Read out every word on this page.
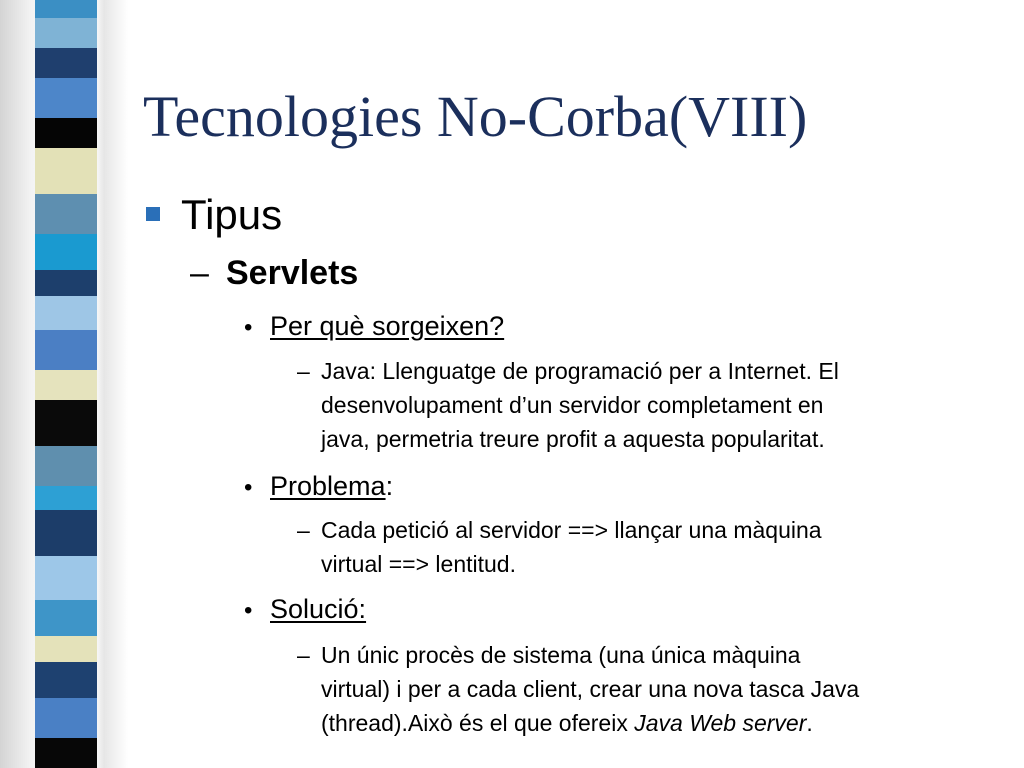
Tecnologies No-Corba(VIII)
Tipus
– Servlets
• Per què sorgeixen?
– Java: Llenguatge de programació per a Internet. El
desenvolupament d’un servidor completament en
java, permetria treure profit a aquesta popularitat.
• Problema:
– Cada petició al servidor ==> llançar una màquina
virtual ==> lentitud.
• Solució:
– Un únic procès de sistema (una única màquina
virtual) i per a cada client, crear una nova tasca Java
(thread).Això és el que ofereix Java Web server.
